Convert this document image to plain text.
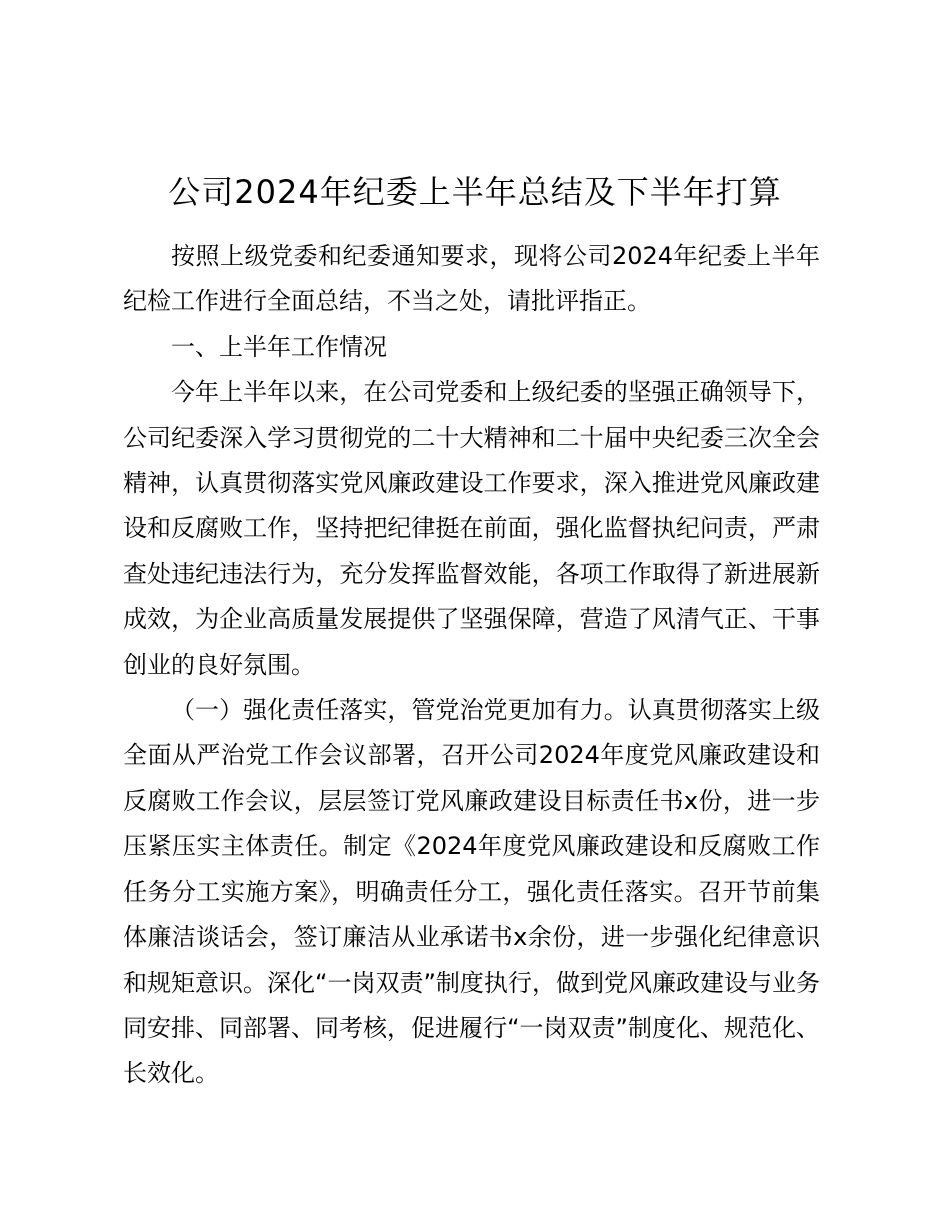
公司2024年纪委上半年总结及下半年打算

按照上级党委和纪委通知要求，现将公司2024年纪委上半年纪检工作进行全面总结，不当之处，请批评指正。

一、上半年工作情况

今年上半年以来，在公司党委和上级纪委的坚强正确领导下，公司纪委深入学习贯彻党的二十大精神和二十届中央纪委三次全会精神，认真贯彻落实党风廉政建设工作要求，深入推进党风廉政建设和反腐败工作，坚持把纪律挺在前面，强化监督执纪问责，严肃查处违纪违法行为，充分发挥监督效能，各项工作取得了新进展新成效，为企业高质量发展提供了坚强保障，营造了风清气正、干事创业的良好氛围。

（一）强化责任落实，管党治党更加有力。认真贯彻落实上级全面从严治党工作会议部署，召开公司2024年度党风廉政建设和反腐败工作会议，层层签订党风廉政建设目标责任书x份，进一步压紧压实主体责任。制定《2024年度党风廉政建设和反腐败工作任务分工实施方案》，明确责任分工，强化责任落实。召开节前集体廉洁谈话会，签订廉洁从业承诺书x余份，进一步强化纪律意识和规矩意识。深化“一岗双责”制度执行，做到党风廉政建设与业务同安排、同部署、同考核，促进履行“一岗双责”制度化、规范化、长效化。
